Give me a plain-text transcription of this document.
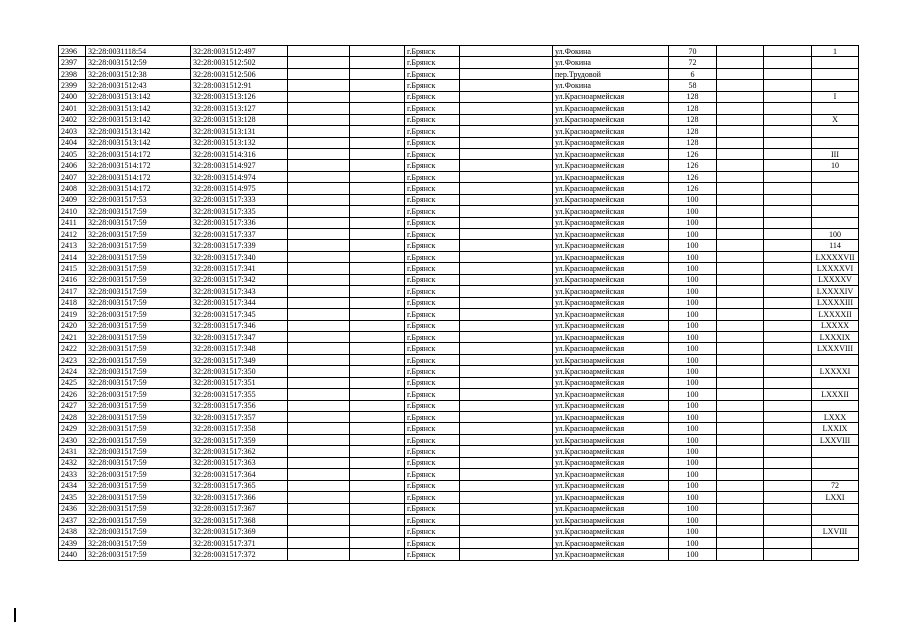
2396	32:28:0031118:54	32:28:0031512:497			г.Брянск		ул.Фокина	70			1
2397	32:28:0031512:59	32:28:0031512:502			г.Брянск		ул.Фокина	72			
2398	32:28:0031512:38	32:28:0031512:506			г.Брянск		пер.Трудовой	6			
2399	32:28:0031512:43	32:28:0031512:91			г.Брянск		ул.Фокина	58			
2400	32:28:0031513:142	32:28:0031513:126			г.Брянск		ул.Красноармейская	128			I
2401	32:28:0031513:142	32:28:0031513:127			г.Брянск		ул.Красноармейская	128			
2402	32:28:0031513:142	32:28:0031513:128			г.Брянск		ул.Красноармейская	128			X
2403	32:28:0031513:142	32:28:0031513:131			г.Брянск		ул.Красноармейская	128			
2404	32:28:0031513:142	32:28:0031513:132			г.Брянск		ул.Красноармейская	128			
2405	32:28:0031514:172	32:28:0031514:316			г.Брянск		ул.Красноармейская	126			III
2406	32:28:0031514:172	32:28:0031514:927			г.Брянск		ул.Красноармейская	126			10
2407	32:28:0031514:172	32:28:0031514:974			г.Брянск		ул.Красноармейская	126			
2408	32:28:0031514:172	32:28:0031514:975			г.Брянск		ул.Красноармейская	126			
2409	32:28:0031517:53	32:28:0031517:333			г.Брянск		ул.Красноармейская	100			
2410	32:28:0031517:59	32:28:0031517:335			г.Брянск		ул.Красноармейская	100			
2411	32:28:0031517:59	32:28:0031517:336			г.Брянск		ул.Красноармейская	100			
2412	32:28:0031517:59	32:28:0031517:337			г.Брянск		ул.Красноармейская	100			100
2413	32:28:0031517:59	32:28:0031517:339			г.Брянск		ул.Красноармейская	100			114
2414	32:28:0031517:59	32:28:0031517:340			г.Брянск		ул.Красноармейская	100			LXXXXVII
2415	32:28:0031517:59	32:28:0031517:341			г.Брянск		ул.Красноармейская	100			LXXXXVI
2416	32:28:0031517:59	32:28:0031517:342			г.Брянск		ул.Красноармейская	100			LXXXXV
2417	32:28:0031517:59	32:28:0031517:343			г.Брянск		ул.Красноармейская	100			LXXXXIV
2418	32:28:0031517:59	32:28:0031517:344			г.Брянск		ул.Красноармейская	100			LXXXXIII
2419	32:28:0031517:59	32:28:0031517:345			г.Брянск		ул.Красноармейская	100			LXXXXII
2420	32:28:0031517:59	32:28:0031517:346			г.Брянск		ул.Красноармейская	100			LXXXX
2421	32:28:0031517:59	32:28:0031517:347			г.Брянск		ул.Красноармейская	100			LXXXIX
2422	32:28:0031517:59	32:28:0031517:348			г.Брянск		ул.Красноармейская	100			LXXXVIII
2423	32:28:0031517:59	32:28:0031517:349			г.Брянск		ул.Красноармейская	100			
2424	32:28:0031517:59	32:28:0031517:350			г.Брянск		ул.Красноармейская	100			LXXXXI
2425	32:28:0031517:59	32:28:0031517:351			г.Брянск		ул.Красноармейская	100			
2426	32:28:0031517:59	32:28:0031517:355			г.Брянск		ул.Красноармейская	100			LXXXII
2427	32:28:0031517:59	32:28:0031517:356			г.Брянск		ул.Красноармейская	100			
2428	32:28:0031517:59	32:28:0031517:357			г.Брянск		ул.Красноармейская	100			LXXX
2429	32:28:0031517:59	32:28:0031517:358			г.Брянск		ул.Красноармейская	100			LXXIX
2430	32:28:0031517:59	32:28:0031517:359			г.Брянск		ул.Красноармейская	100			LXXVIII
2431	32:28:0031517:59	32:28:0031517:362			г.Брянск		ул.Красноармейская	100			
2432	32:28:0031517:59	32:28:0031517:363			г.Брянск		ул.Красноармейская	100			
2433	32:28:0031517:59	32:28:0031517:364			г.Брянск		ул.Красноармейская	100			
2434	32:28:0031517:59	32:28:0031517:365			г.Брянск		ул.Красноармейская	100			72
2435	32:28:0031517:59	32:28:0031517:366			г.Брянск		ул.Красноармейская	100			LXXI
2436	32:28:0031517:59	32:28:0031517:367			г.Брянск		ул.Красноармейская	100			
2437	32:28:0031517:59	32:28:0031517:368			г.Брянск		ул.Красноармейская	100			
2438	32:28:0031517:59	32:28:0031517:369			г.Брянск		ул.Красноармейская	100			LXVIII
2439	32:28:0031517:59	32:28:0031517:371			г.Брянск		ул.Красноармейская	100			
2440	32:28:0031517:59	32:28:0031517:372			г.Брянск		ул.Красноармейская	100			
